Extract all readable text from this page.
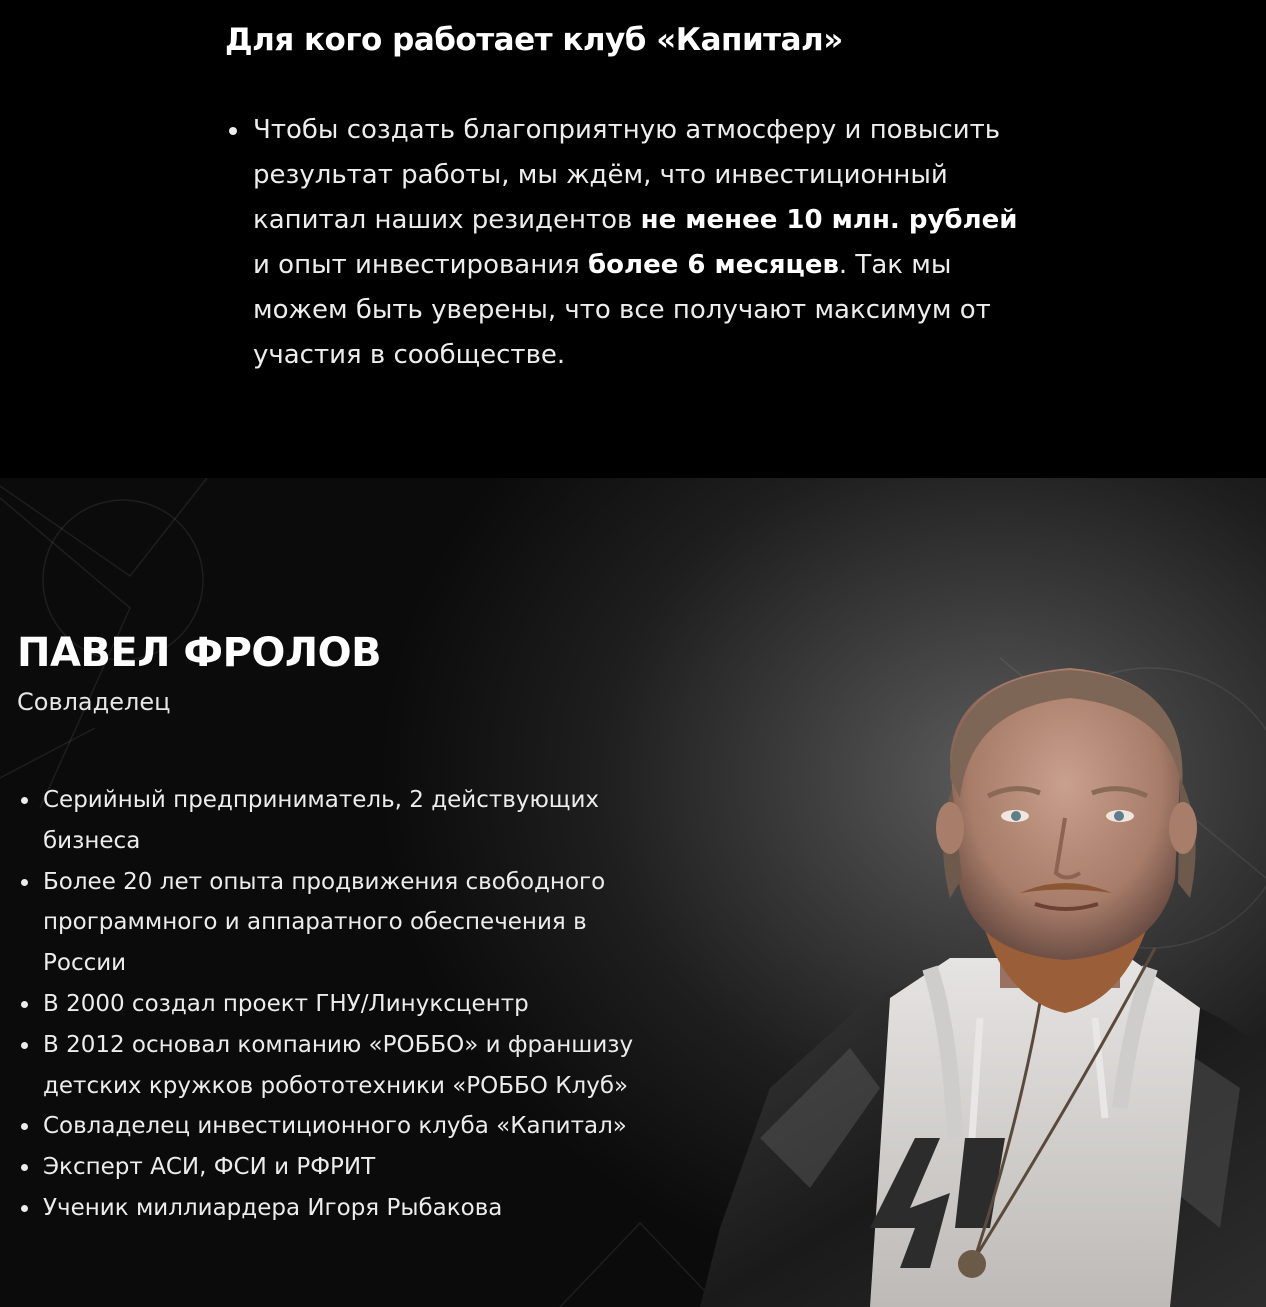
Для кого работает клуб «Капитал»
Чтобы создать благоприятную атмосферу и повысить результат работы, мы ждём, что инвестиционный капитал наших резидентов не менее 10 млн. рублей и опыт инвестирования более 6 месяцев. Так мы можем быть уверены, что все получают максимум от участия в сообществе.
ПАВЕЛ ФРОЛОВ
Совладелец
Серийный предприниматель, 2 действующих бизнеса
Более 20 лет опыта продвижения свободного программного и аппаратного обеспечения в России
В 2000 создал проект ГНУ/Линуксцентр
В 2012 основал компанию «РОББО» и франшизу детских кружков робототехники «РОББО Клуб»
Совладелец инвестиционного клуба «Капитал»
Эксперт АСИ, ФСИ и РФРИТ
Ученик миллиардера Игоря Рыбакова
